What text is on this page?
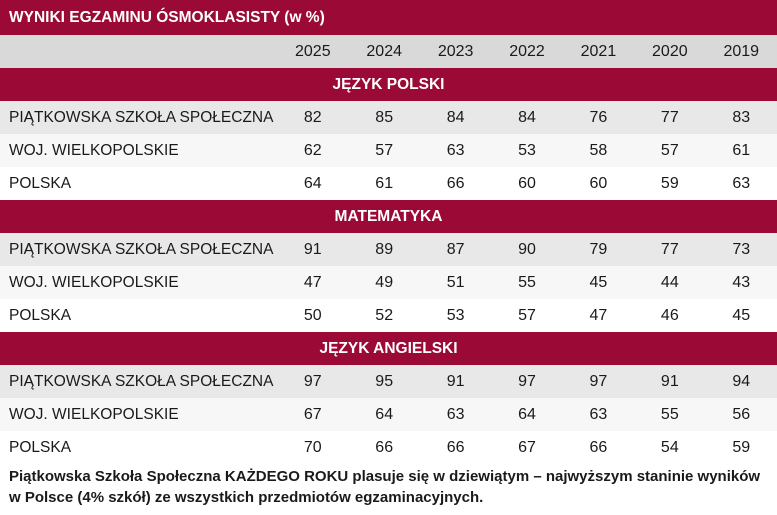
WYNIKI EGZAMINU ÓSMOKLASISTY (w %)							
	2025	2024	2023	2022	2021	2020	2019
JĘZYK POLSKI							
PIĄTKOWSKA SZKOŁA SPOŁECZNA	82	85	84	84	76	77	83
WOJ. WIELKOPOLSKIE	62	57	63	53	58	57	61
POLSKA	64	61	66	60	60	59	63
MATEMATYKA							
PIĄTKOWSKA SZKOŁA SPOŁECZNA	91	89	87	90	79	77	73
WOJ. WIELKOPOLSKIE	47	49	51	55	45	44	43
POLSKA	50	52	53	57	47	46	45
JĘZYK ANGIELSKI							
PIĄTKOWSKA SZKOŁA SPOŁECZNA	97	95	91	97	97	91	94
WOJ. WIELKOPOLSKIE	67	64	63	64	63	55	56
POLSKA	70	66	66	67	66	54	59
Piątkowska Szkoła Społeczna KAŻDEGO ROKU plasuje się w dziewiątym – najwyższym staninie wyników w Polsce (4% szkół) ze wszystkich przedmiotów egzaminacyjnych.
